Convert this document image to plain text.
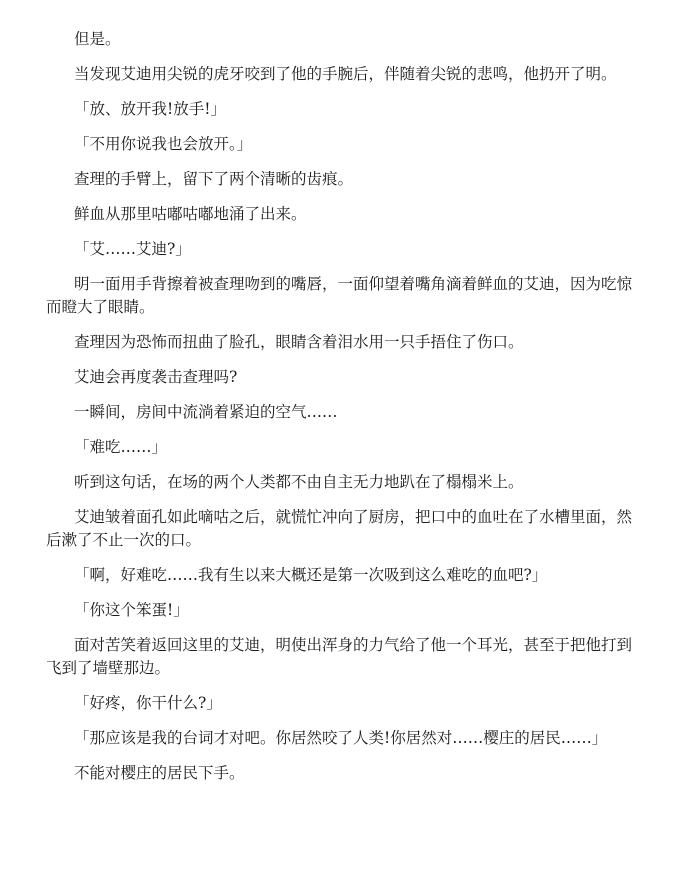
但是。

当发现艾迪用尖锐的虎牙咬到了他的手腕后，伴随着尖锐的悲鸣，他扔开了明。

「放、放开我!放手!」

「不用你说我也会放开。」

查理的手臂上，留下了两个清晰的齿痕。

鲜血从那里咕嘟咕嘟地涌了出来。

「艾……艾迪?」

明一面用手背擦着被查理吻到的嘴唇，一面仰望着嘴角滴着鲜血的艾迪，因为吃惊而瞪大了眼睛。

查理因为恐怖而扭曲了脸孔，眼睛含着泪水用一只手捂住了伤口。

艾迪会再度袭击查理吗?

一瞬间，房间中流淌着紧迫的空气……

「难吃……」

听到这句话，在场的两个人类都不由自主无力地趴在了榻榻米上。

艾迪皱着面孔如此嘀咕之后，就慌忙冲向了厨房，把口中的血吐在了水槽里面，然后漱了不止一次的口。

「啊，好难吃……我有生以来大概还是第一次吸到这么难吃的血吧?」

「你这个笨蛋!」

面对苦笑着返回这里的艾迪，明使出浑身的力气给了他一个耳光，甚至于把他打到飞到了墙壁那边。

「好疼，你干什么?」

「那应该是我的台词才对吧。你居然咬了人类!你居然对……樱庄的居民……」

不能对樱庄的居民下手。
